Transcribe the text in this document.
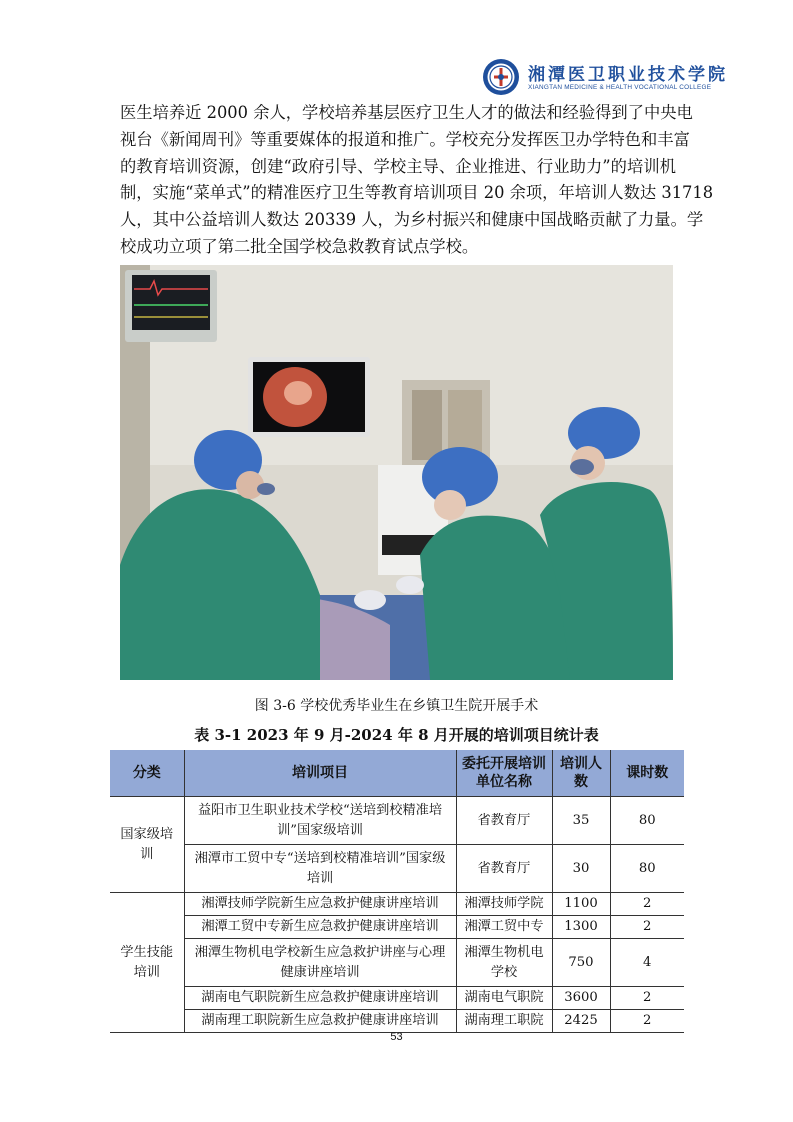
湘潭医卫职业技术学院
XIANGTAN MEDICINE & HEALTH VOCATIONAL COLLEGE

医生培养近 2000 余人，学校培养基层医疗卫生人才的做法和经验得到了中央电
视台《新闻周刊》等重要媒体的报道和推广。学校充分发挥医卫办学特色和丰富
的教育培训资源，创建“政府引导、学校主导、企业推进、行业助力”的培训机
制，实施“菜单式”的精准医疗卫生等教育培训项目 20 余项，年培训人数达 31718
人，其中公益培训人数达 20339 人，为乡村振兴和健康中国战略贡献了力量。学
校成功立项了第二批全国学校急救教育试点学校。

图 3-6 学校优秀毕业生在乡镇卫生院开展手术
表 3-1 2023 年 9 月-2024 年 8 月开展的培训项目统计表
分类	培训项目	委托开展培训单位名称	培训人数	课时数
国家级培训	益阳市卫生职业技术学校“送培到校精准培训”国家级培训	省教育厅	35	80
	湘潭市工贸中专“送培到校精准培训”国家级培训	省教育厅	30	80
学生技能培训	湘潭技师学院新生应急救护健康讲座培训	湘潭技师学院	1100	2
	湘潭工贸中专新生应急救护健康讲座培训	湘潭工贸中专	1300	2
	湘潭生物机电学校新生应急救护讲座与心理健康讲座培训	湘潭生物机电学校	750	4
	湖南电气职院新生应急救护健康讲座培训	湖南电气职院	3600	2
	湖南理工职院新生应急救护健康讲座培训	湖南理工职院	2425	2
53
